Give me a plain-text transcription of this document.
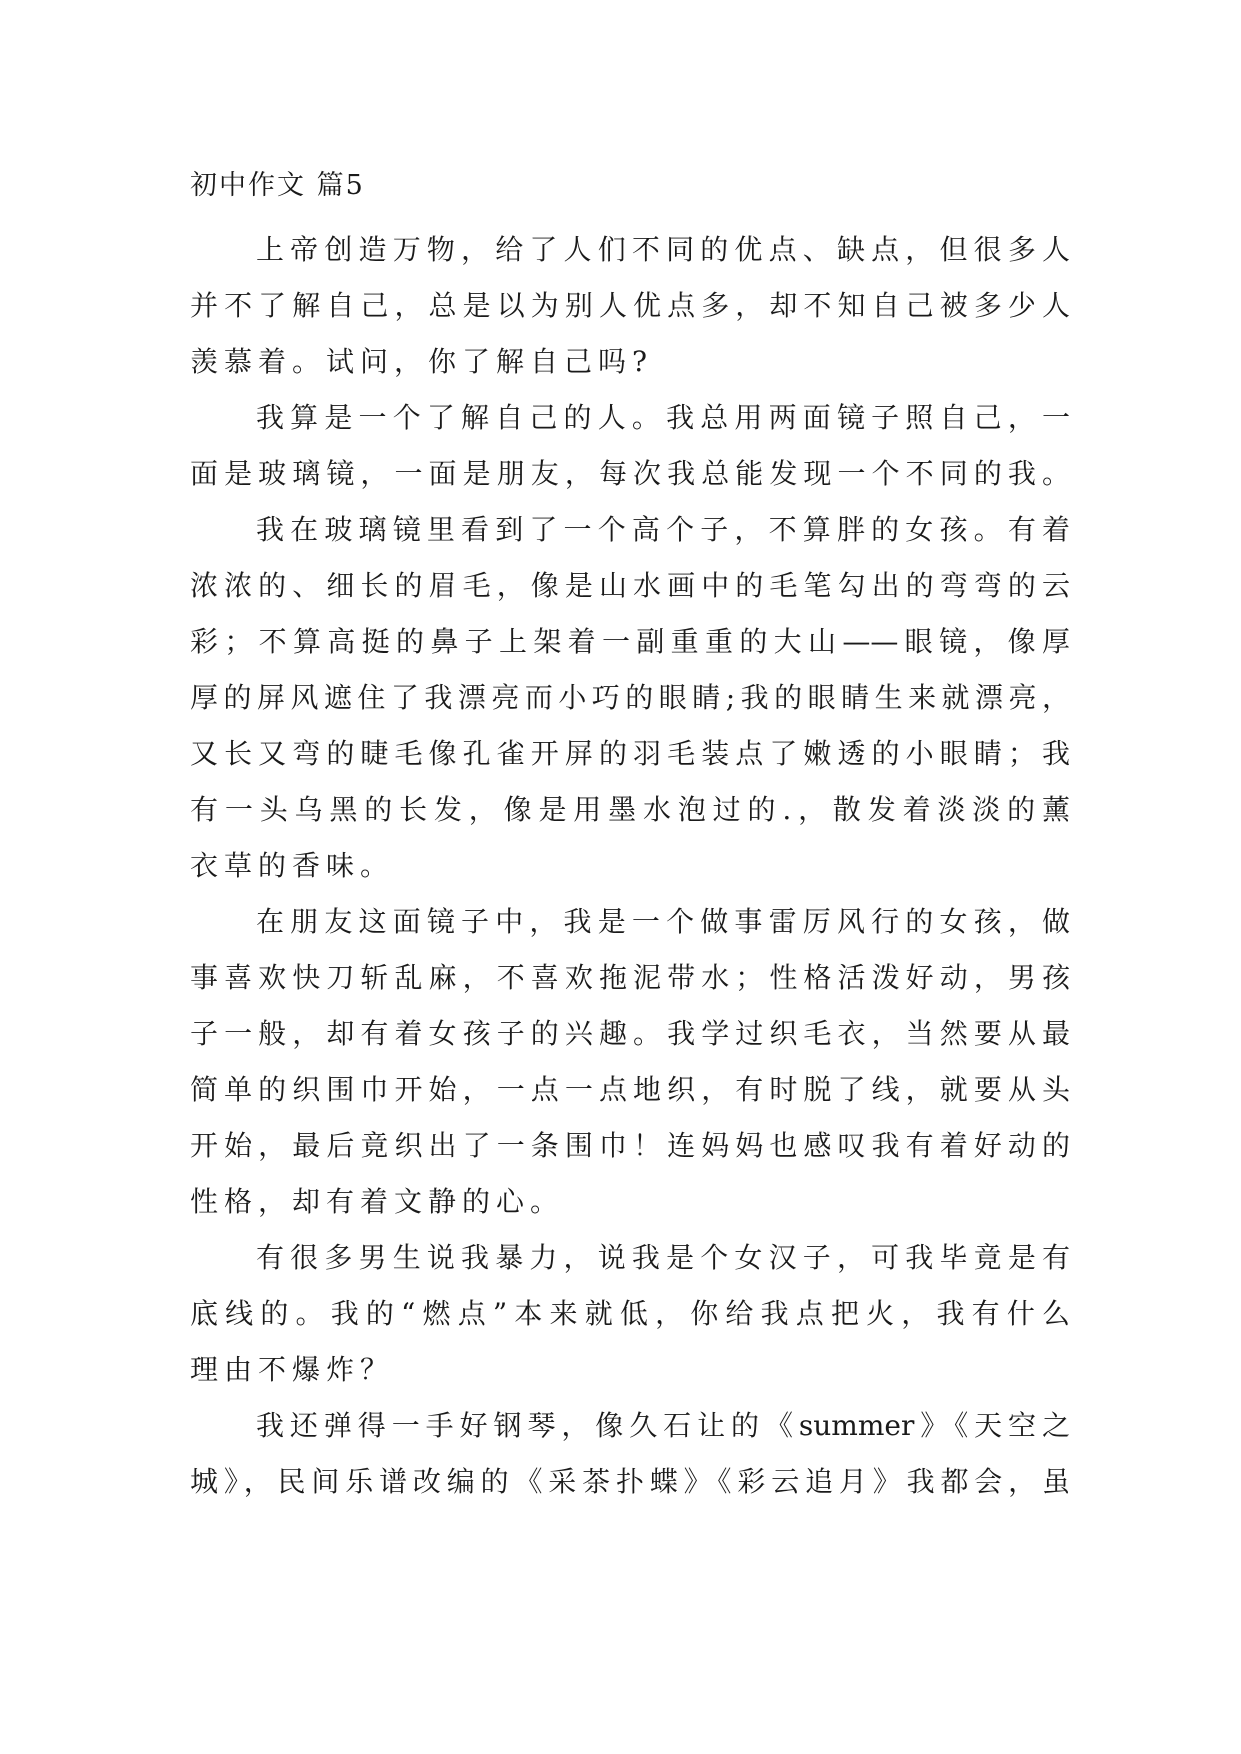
初中作文 篇5
上帝创造万物，给了人们不同的优点、缺点，但很多人
并不了解自己，总是以为别人优点多，却不知自己被多少人
羡慕着。试问，你了解自己吗?
我算是一个了解自己的人。我总用两面镜子照自己，一
面是玻璃镜，一面是朋友，每次我总能发现一个不同的我。
我在玻璃镜里看到了一个高个子，不算胖的女孩。有着
浓浓的、细长的眉毛，像是山水画中的毛笔勾出的弯弯的云
彩；不算高挺的鼻子上架着一副重重的大山——眼镜，像厚
厚的屏风遮住了我漂亮而小巧的眼睛;我的眼睛生来就漂亮，
又长又弯的睫毛像孔雀开屏的羽毛装点了嫩透的小眼睛；我
有一头乌黑的长发，像是用墨水泡过的.，散发着淡淡的薰
衣草的香味。
在朋友这面镜子中，我是一个做事雷厉风行的女孩，做
事喜欢快刀斩乱麻，不喜欢拖泥带水；性格活泼好动，男孩
子一般，却有着女孩子的兴趣。我学过织毛衣，当然要从最
简单的织围巾开始，一点一点地织，有时脱了线，就要从头
开始，最后竟织出了一条围巾！连妈妈也感叹我有着好动的
性格，却有着文静的心。
有很多男生说我暴力，说我是个女汉子，可我毕竟是有
底线的。我的“燃点”本来就低，你给我点把火，我有什么
理由不爆炸？
我还弹得一手好钢琴，像久石让的《summer》《天空之
城》，民间乐谱改编的《采茶扑蝶》《彩云追月》我都会，虽
